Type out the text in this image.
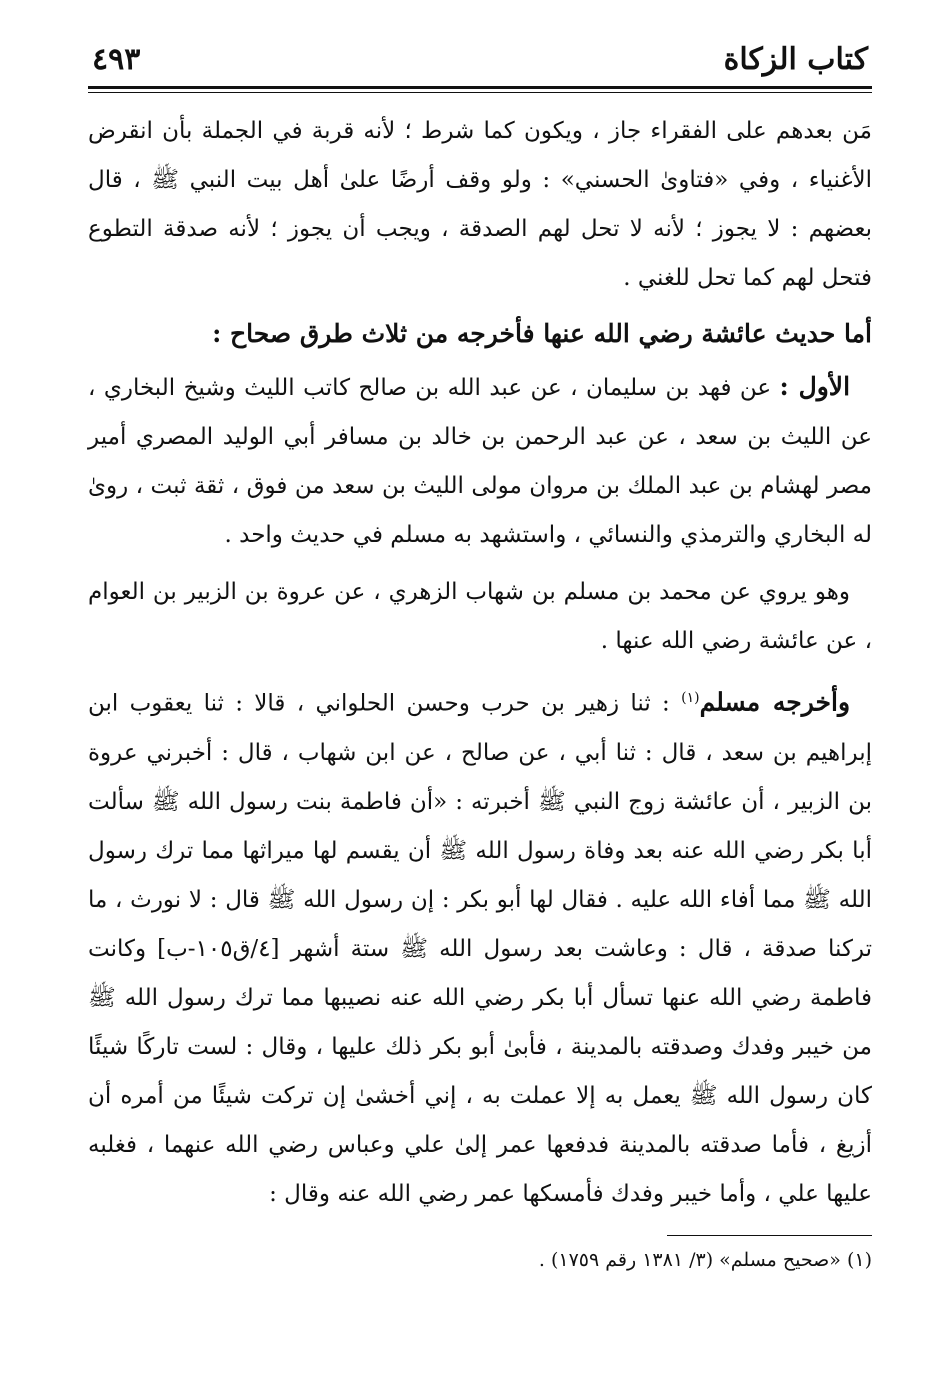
كتاب الزكاة
٤٩٣

مَن بعدهم على الفقراء جاز ، ويكون كما شرط ؛ لأنه قربة في الجملة بأن انقرض الأغنياء ، وفي «فتاوىٰ الحسني» : ولو وقف أرضًا علىٰ أهل بيت النبي ﷺ ، قال بعضهم : لا يجوز ؛ لأنه لا تحل لهم الصدقة ، ويجب أن يجوز ؛ لأنه صدقة التطوع فتحل لهم كما تحل للغني .

أما حديث عائشة رضي الله عنها فأخرجه من ثلاث طرق صحاح :

الأول : عن فهد بن سليمان ، عن عبد الله بن صالح كاتب الليث وشيخ البخاري ، عن الليث بن سعد ، عن عبد الرحمن بن خالد بن مسافر أبي الوليد المصري أمير مصر لهشام بن عبد الملك بن مروان مولى الليث بن سعد من فوق ، ثقة ثبت ، روىٰ له البخاري والترمذي والنسائي ، واستشهد به مسلم في حديث واحد .

وهو يروي عن محمد بن مسلم بن شهاب الزهري ، عن عروة بن الزبير بن العوام ، عن عائشة رضي الله عنها .

وأخرجه مسلم$^{(١)}$ : ثنا زهير بن حرب وحسن الحلواني ، قالا : ثنا يعقوب ابن إبراهيم بن سعد ، قال : ثنا أبي ، عن صالح ، عن ابن شهاب ، قال : أخبرني عروة بن الزبير ، أن عائشة زوج النبي ﷺ أخبرته : «أن فاطمة بنت رسول الله ﷺ سألت أبا بكر رضي الله عنه بعد وفاة رسول الله ﷺ أن يقسم لها ميراثها مما ترك رسول الله ﷺ مما أفاء الله عليه . فقال لها أبو بكر : إن رسول الله ﷺ قال : لا نورث ، ما تركنا صدقة ، قال : وعاشت بعد رسول الله ﷺ ستة أشهر [٤/ق١٠٥-ب] وكانت فاطمة رضي الله عنها تسأل أبا بكر رضي الله عنه نصيبها مما ترك رسول الله ﷺ من خيبر وفدك وصدقته بالمدينة ، فأبىٰ أبو بكر ذلك عليها ، وقال : لست تاركًا شيئًا كان رسول الله ﷺ يعمل به إلا عملت به ، إني أخشىٰ إن تركت شيئًا من أمره أن أزيغ ، فأما صدقته بالمدينة فدفعها عمر إلىٰ علي وعباس رضي الله عنهما ، فغلبه عليها علي ، وأما خيبر وفدك فأمسكها عمر رضي الله عنه وقال :

(١) «صحيح مسلم» (٣/ ١٣٨١ رقم ١٧٥٩) .
